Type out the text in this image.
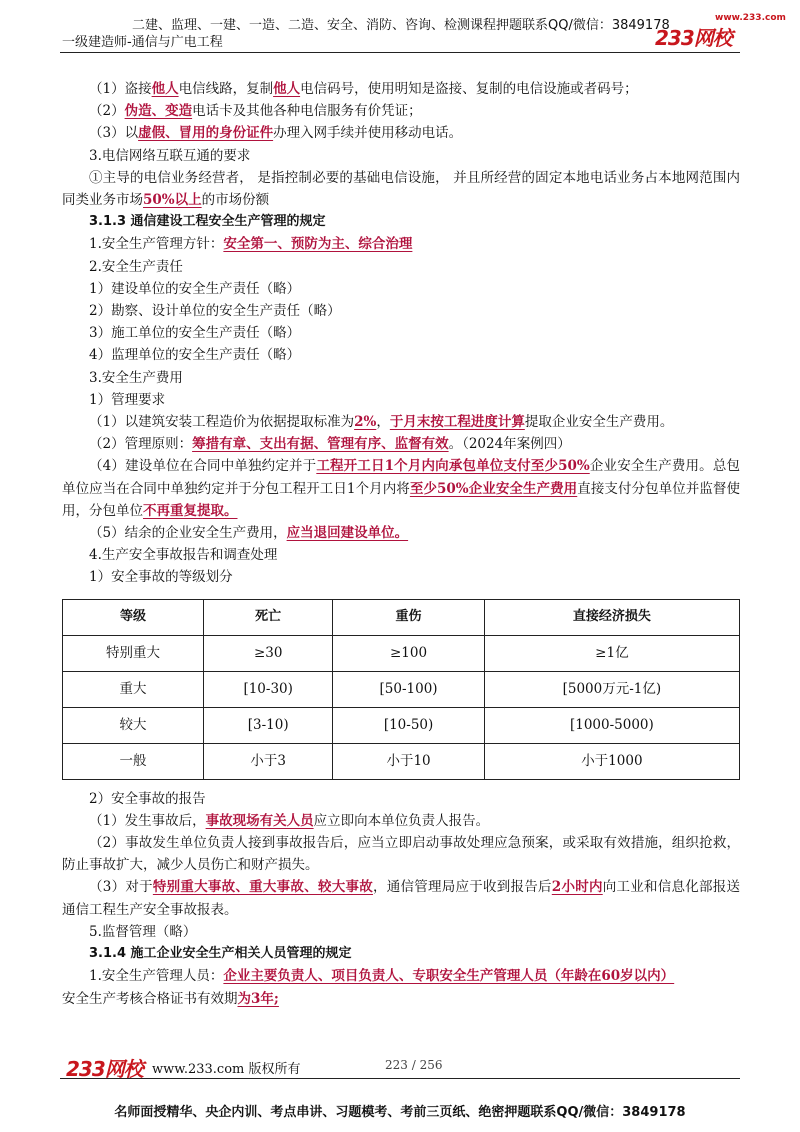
二建、监理、一建、一造、二造、安全、消防、咨询、检测课程押题联系QQ/微信：3849178
一级建造师-通信与广电工程	233网校
www.233.com

（1）盗接他人电信线路，复制他人电信码号，使用明知是盗接、复制的电信设施或者码号；

（2）伪造、变造电话卡及其他各种电信服务有价凭证；

（3）以虚假、冒用的身份证件办理入网手续并使用移动电话。

3.电信网络互联互通的要求

①主导的电信业务经营者， 是指控制必要的基础电信设施， 并且所经营的固定本地电话业务占本地网范围内同类业务市场50%以上的市场份额

3.1.3 通信建设工程安全生产管理的规定

1.安全生产管理方针：安全第一、预防为主、综合治理

2.安全生产责任

1）建设单位的安全生产责任（略）

2）勘察、设计单位的安全生产责任（略）

3）施工单位的安全生产责任（略）

4）监理单位的安全生产责任（略）

3.安全生产费用

1）管理要求

（1）以建筑安装工程造价为依据提取标准为2%，于月末按工程进度计算提取企业安全生产费用。

（2）管理原则：筹措有章、支出有据、管理有序、监督有效。（2024年案例四）

（4）建设单位在合同中单独约定并于工程开工日1个月内向承包单位支付至少50%企业安全生产费用。总包单位应当在合同中单独约定并于分包工程开工日1个月内将至少50%企业安全生产费用直接支付分包单位并监督使用，分包单位不再重复提取。

（5）结余的企业安全生产费用，应当退回建设单位。

4.生产安全事故报告和调查处理

1）安全事故的等级划分

等级	死亡	重伤	直接经济损失
特别重大	≥30	≥100	≥1亿
重大	[10-30)	[50-100)	[5000万元-1亿)
较大	[3-10)	[10-50)	[1000-5000)
一般	小于3	小于10	小于1000

2）安全事故的报告

（1）发生事故后，事故现场有关人员应立即向本单位负责人报告。

（2）事故发生单位负责人接到事故报告后，应当立即启动事故处理应急预案，或采取有效措施，组织抢救，防止事故扩大，减少人员伤亡和财产损失。

（3）对于特别重大事故、重大事故、较大事故，通信管理局应于收到报告后2小时内向工业和信息化部报送通信工程生产安全事故报表。

5.监督管理（略）

3.1.4 施工企业安全生产相关人员管理的规定

1.安全生产管理人员：企业主要负责人、项目负责人、专职安全生产管理人员（年龄在60岁以内）
安全生产考核合格证书有效期为3年;

233网校 www.233.com 版权所有	223 / 256
名师面授精华、央企内训、考点串讲、习题模考、考前三页纸、绝密押题联系QQ/微信：3849178
